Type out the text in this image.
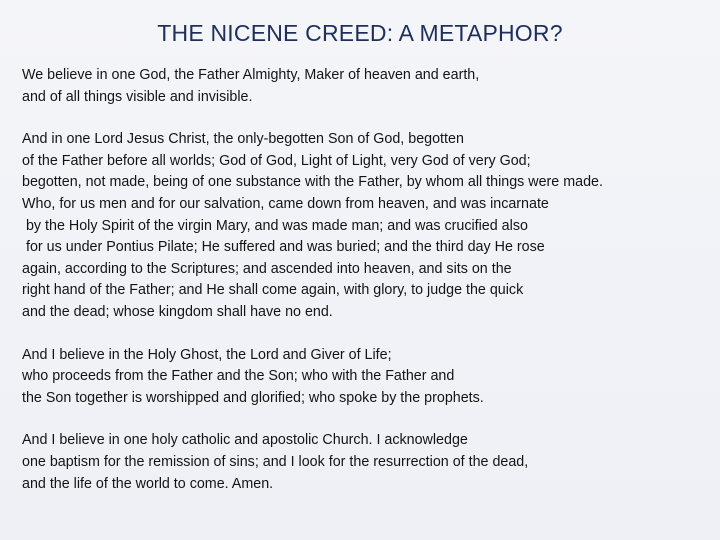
THE NICENE CREED: A METAPHOR?

We believe in one God, the Father Almighty, Maker of heaven and earth,
and of all things visible and invisible.

And in one Lord Jesus Christ, the only-begotten Son of God, begotten
of the Father before all worlds; God of God, Light of Light, very God of very God;
begotten, not made, being of one substance with the Father, by whom all things were made.
Who, for us men and for our salvation, came down from heaven, and was incarnate
by the Holy Spirit of the virgin Mary, and was made man; and was crucified also
for us under Pontius Pilate; He suffered and was buried; and the third day He rose
again, according to the Scriptures; and ascended into heaven, and sits on the
right hand of the Father; and He shall come again, with glory, to judge the quick
and the dead; whose kingdom shall have no end.

And I believe in the Holy Ghost, the Lord and Giver of Life;
who proceeds from the Father and the Son; who with the Father and
the Son together is worshipped and glorified; who spoke by the prophets.

And I believe in one holy catholic and apostolic Church. I acknowledge
one baptism for the remission of sins; and I look for the resurrection of the dead,
and the life of the world to come. Amen.
